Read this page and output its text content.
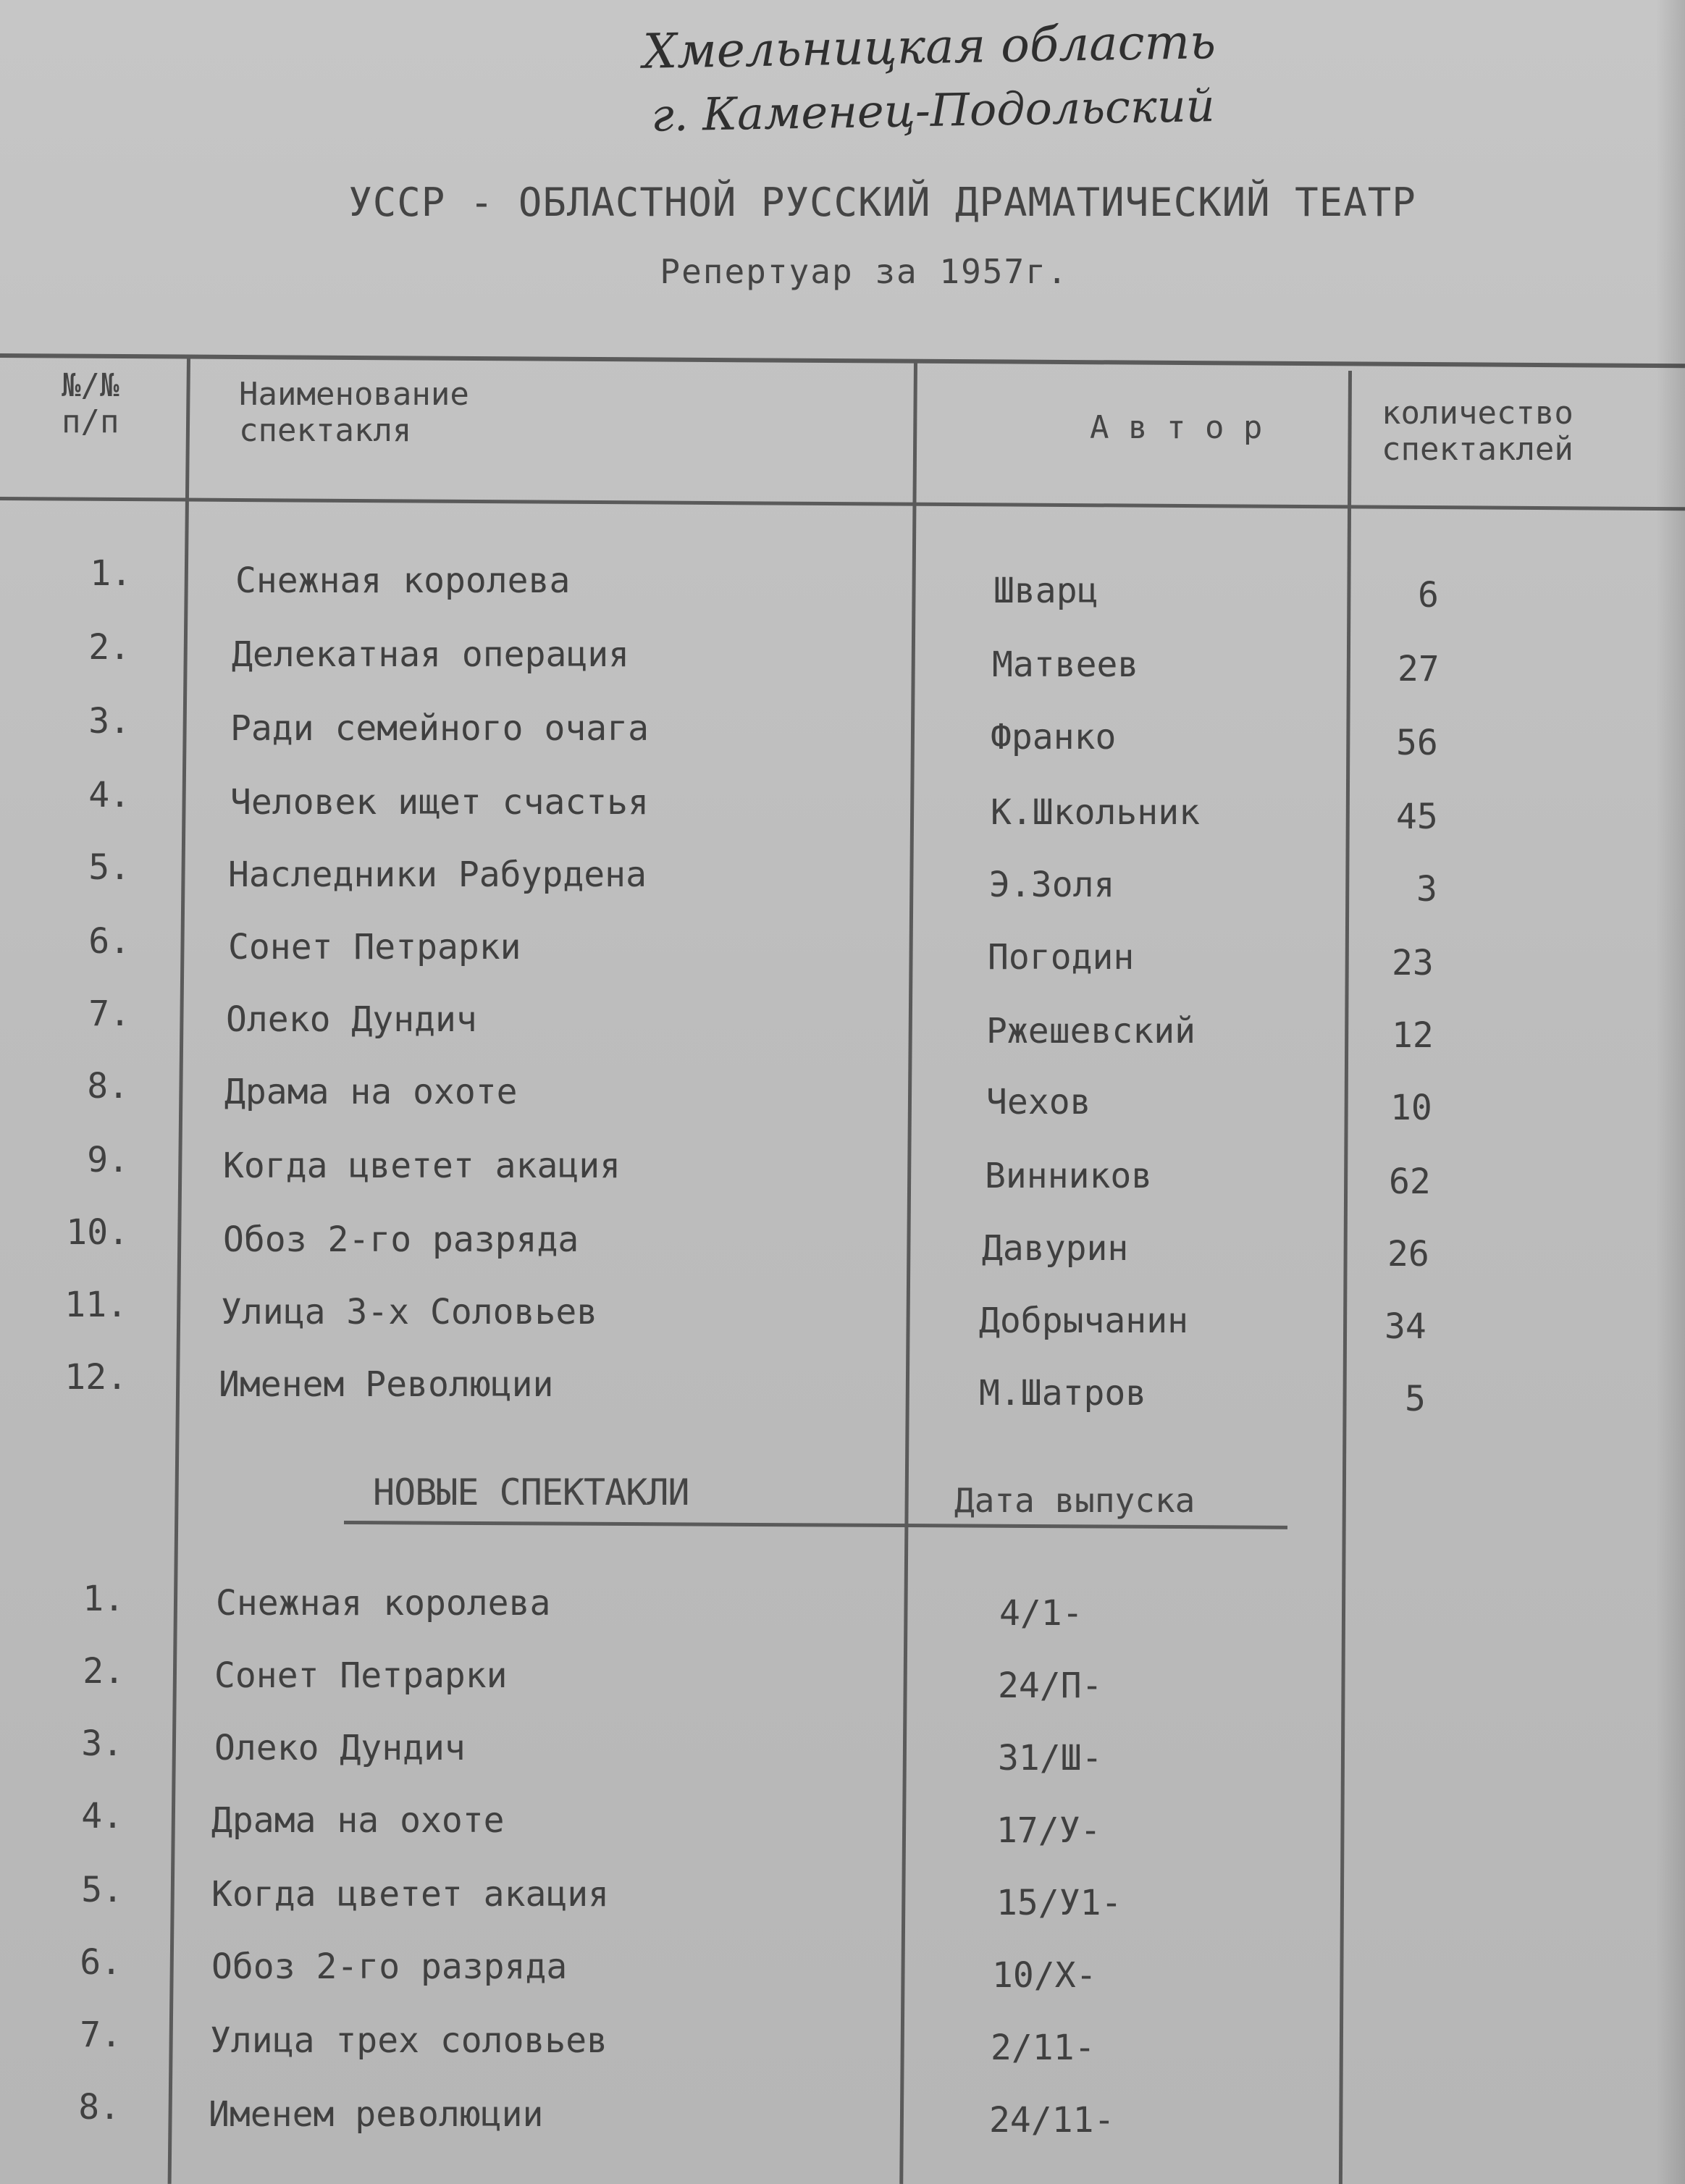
Хмельницкая область
г. Каменец-Подольский
УССР - ОБЛАСТНОЙ РУССКИЙ ДРАМАТИЧЕСКИЙ ТЕАТР
Репертуар за 1957г.
№/№
п/п
Наименование
спектакля	А в т о р	количество
спектаклей
1.	Снежная королева	Шварц	6
2.	Делекатная операция	Матвеев	27
3.	Ради семейного очага	Франко	56
4.	Человек ищет счастья	К.Школьник	45
5.	Наследники Рабурдена	Э.Золя	3
6.	Сонет Петрарки	Погодин	23
7.	Олеко Дундич	Ржешевский	12
8.	Драма на охоте	Чехов	10
9.	Когда цветет акация	Винников	62
10.	Обоз 2-го разряда	Давурин	26
11.	Улица 3-х Соловьев	Добрычанин	34
12.	Именем Революции	М.Шатров	5
НОВЫЕ СПЕКТАКЛИ	Дата выпуска
1.	Снежная королева	4/1-
2.	Сонет Петрарки	24/П-
3.	Олеко Дундич	31/Ш-
4.	Драма на охоте	17/У-
5.	Когда цветет акация	15/У1-
6.	Обоз 2-го разряда	10/Х-
7.	Улица трех соловьев	2/11-
8.	Именем революции	24/11-
